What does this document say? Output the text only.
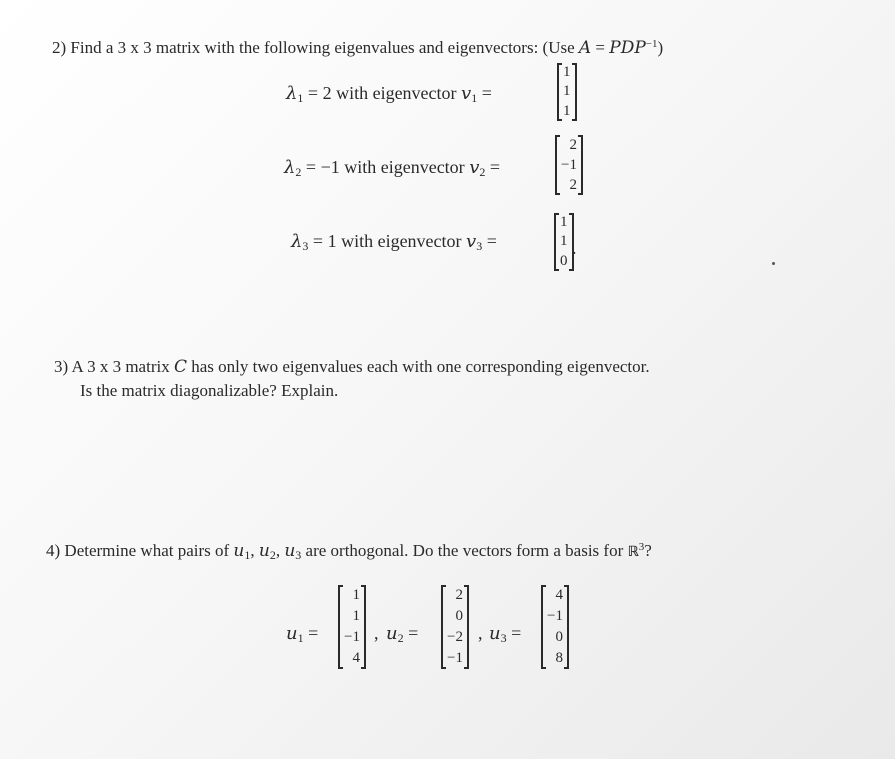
2) Find a 3 x 3 matrix with the following eigenvalues and eigenvectors: (Use $A = PDP^{-1}$)
$\lambda_1 = 2$ with eigenvector $v_1$ =
1
1
1
$\lambda_2 = -1$ with eigenvector $v_2$ =
2
−1
2
$\lambda_3 = 1$ with eigenvector $v_3$ =
1
1
0
.
3) A 3 x 3 matrix C has only two eigenvalues each with one corresponding eigenvector.
Is the matrix diagonalizable? Explain.
4) Determine what pairs of $u_1$, $u_2$, $u_3$ are orthogonal. Do the vectors form a basis for ℝ$^3$?
$u_1$ =
1
1
−1
4
, $u_2$ =
2
0
−2
−1
, $u_3$ =
4
−1
0
8
